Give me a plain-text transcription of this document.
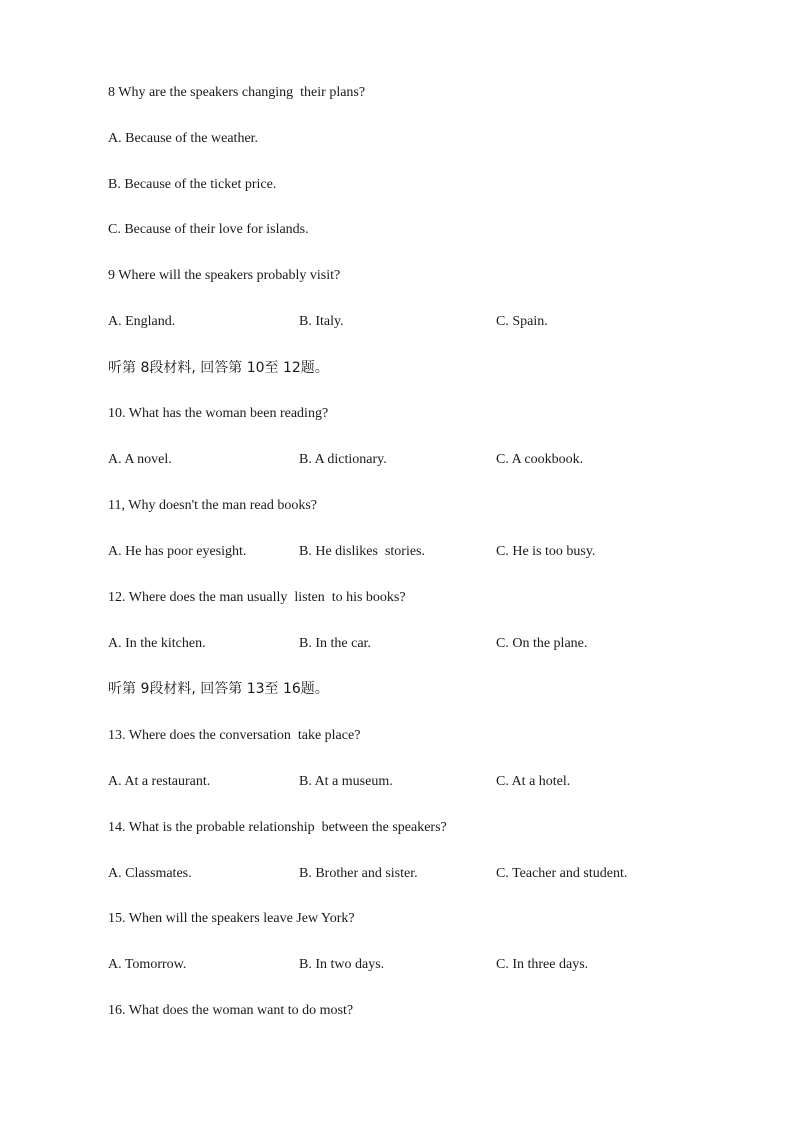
8 Why are the speakers changing  their plans?
A. Because of the weather.
B. Because of the ticket price.
C. Because of their love for islands.
9 Where will the speakers probably visit?
A. England.	B. Italy.	C. Spain.
听第 8段材料, 回答第 10至 12题。
10. What has the woman been reading?
A. A novel.	B. A dictionary.	C. A cookbook.
11, Why doesn't the man read books?
A. He has poor eyesight.	B. He dislikes  stories.	C. He is too busy.
12. Where does the man usually  listen  to his books?
A. In the kitchen.	B. In the car.	C. On the plane.
听第 9段材料, 回答第 13至 16题。
13. Where does the conversation  take place?
A. At a restaurant.	B. At a museum.	C. At a hotel.
14. What is the probable relationship  between the speakers?
A. Classmates.	B. Brother and sister.	C. Teacher and student.
15. When will the speakers leave Jew York?
A. Tomorrow.	B. In two days.	C. In three days.
16. What does the woman want to do most?
